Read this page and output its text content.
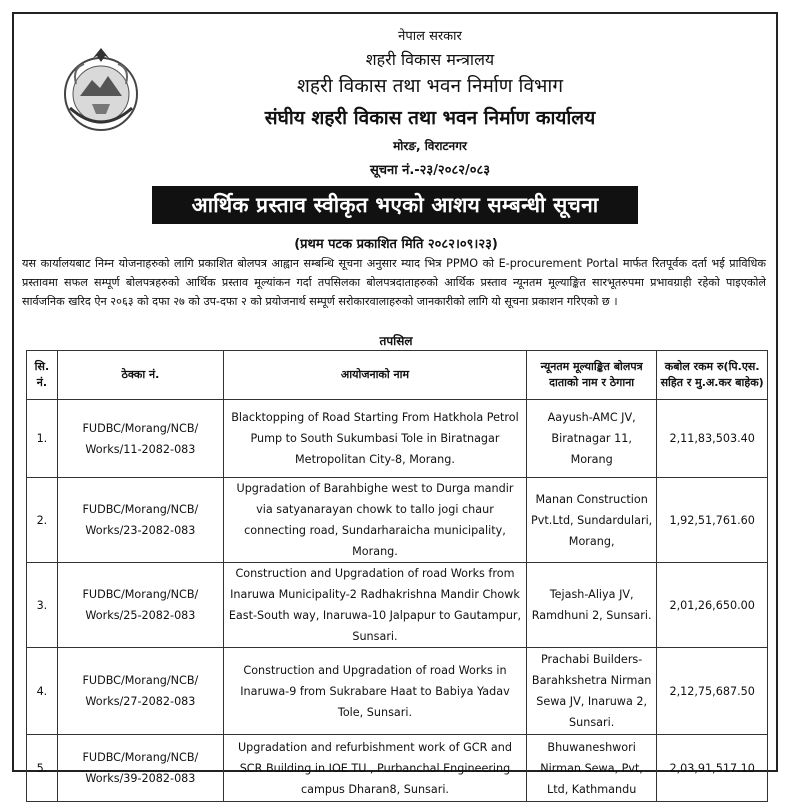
नेपाल सरकार
शहरी विकास मन्त्रालय
शहरी विकास तथा भवन निर्माण विभाग
संघीय शहरी विकास तथा भवन निर्माण कार्यालय
मोरङ, विराटनगर
सूचना नं.-२३/२०८२/०८३
आर्थिक प्रस्ताव स्वीकृत भएको आशय सम्बन्धी सूचना
(प्रथम पटक प्रकाशित मिति २०८२।०९।२३)
यस कार्यालयबाट निम्न योजनाहरुको लागि प्रकाशित बोलपत्र आह्वान सम्बन्धि सूचना अनुसार म्याद भित्र PPMO को E-procurement Portal मार्फत रितपूर्वक दर्ता भई प्राविधिक प्रस्तावमा सफल सम्पूर्ण बोलपत्रहरुको आर्थिक प्रस्ताव मूल्यांकन गर्दा तपसिलका बोलपत्रदाताहरुको आर्थिक प्रस्ताव न्यूनतम मूल्याङ्कित सारभूतरुपमा प्रभावग्राही रहेको पाइएकोले सार्वजनिक खरिद ऐन २०६३ को दफा २७ को उप-दफा २ को प्रयोजनार्थ सम्पूर्ण सरोकारवालाहरुको जानकारीको लागि यो सूचना प्रकाशन गरिएको छ ।
तपसिल
सि. नं.	ठेक्का नं.	आयोजनाको नाम	न्यूनतम मूल्याङ्कित बोलपत्र दाताको नाम र ठेगाना	कबोल रकम रु(पि.एस. सहित र मु.अ.कर बाहेक)
1.	FUDBC/Morang/NCB/ Works/11-2082-083	Blacktopping of Road Starting From Hatkhola Petrol Pump to South Sukumbasi Tole in Biratnagar Metropolitan City-8, Morang.	Aayush-AMC JV, Biratnagar 11, Morang	2,11,83,503.40
2.	FUDBC/Morang/NCB/ Works/23-2082-083	Upgradation of Barahbighe west to Durga mandir via satyanarayan chowk to tallo jogi chaur connecting road, Sundarharaicha municipality, Morang.	Manan Construction Pvt.Ltd, Sundardulari, Morang,	1,92,51,761.60
3.	FUDBC/Morang/NCB/ Works/25-2082-083	Construction and Upgradation of road Works from Inaruwa Municipality-2 Radhakrishna Mandir Chowk East-South way, Inaruwa-10 Jalpapur to Gautampur, Sunsari.	Tejash-Aliya JV, Ramdhuni 2, Sunsari.	2,01,26,650.00
4.	FUDBC/Morang/NCB/ Works/27-2082-083	Construction and Upgradation of road Works in Inaruwa-9 from Sukrabare Haat to Babiya Yadav Tole, Sunsari.	Prachabi Builders-Barahkshetra Nirman Sewa JV, Inaruwa 2, Sunsari.	2,12,75,687.50
5.	FUDBC/Morang/NCB/ Works/39-2082-083	Upgradation and refurbishment work of GCR and SCR Building in IOE TU , Purbanchal Engineering campus Dharan8, Sunsari.	Bhuwaneshwori Nirman Sewa, Pvt, Ltd, Kathmandu	2,03,91,517.10
